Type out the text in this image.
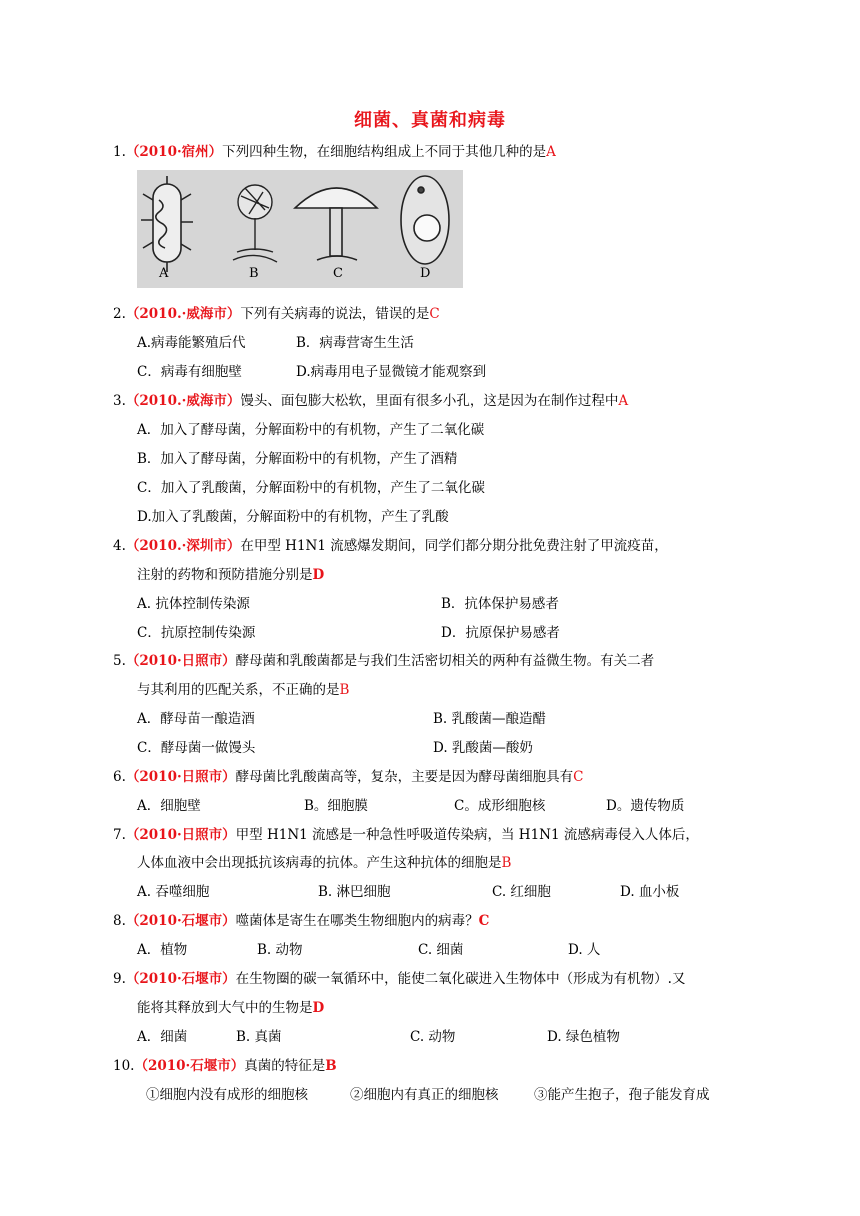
细菌、真菌和病毒
1.（2010·宿州）下列四种生物，在细胞结构组成上不同于其他几种的是A
A	B	C	D
2.（2010.·威海市）下列有关病毒的说法，错误的是C
A.病毒能繁殖后代	B．病毒营寄生生活
C．病毒有细胞壁	D.病毒用电子显微镜才能观察到
3.（2010.·威海市）馒头、面包膨大松软，里面有很多小孔，这是因为在制作过程中A
A．加入了酵母菌，分解面粉中的有机物，产生了二氧化碳
B．加入了酵母菌，分解面粉中的有机物，产生了酒精
C．加入了乳酸菌，分解面粉中的有机物，产生了二氧化碳
D.加入了乳酸菌，分解面粉中的有机物，产生了乳酸
4.（2010.·深圳市）在甲型 H1N1 流感爆发期间，同学们都分期分批免费注射了甲流疫苗，
注射的药物和预防措施分别是D
A. 抗体控制传染源	B．抗体保护易感者
C．抗原控制传染源	D．抗原保护易感者
5.（2010·日照市）酵母菌和乳酸菌都是与我们生活密切相关的两种有益微生物。有关二者
与其利用的匹配关系，不正确的是B
A．酵母苗一酿造酒	B. 乳酸菌—酿造醋
C．酵母菌一做馒头	D. 乳酸菌—酸奶
6.（2010·日照市）酵母菌比乳酸菌高等，复杂，主要是因为酵母菌细胞具有C
A．细胞壁	B。细胞膜	C。成形细胞核	D。遗传物质
7.（2010·日照市）甲型 H1N1 流感是一种急性呼吸道传染病，当 H1N1 流感病毒侵入人体后，
人体血液中会出现抵抗该病毒的抗体。产生这种抗体的细胞是B
A. 吞噬细胞	B. 淋巴细胞	C. 红细胞	D. 血小板
8.（2010·石堰市）噬菌体是寄生在哪类生物细胞内的病毒？C
A．植物	B. 动物	C. 细菌	D. 人
9.（2010·石堰市）在生物圈的碳一氧循环中，能使二氧化碳进入生物体中（形成为有机物）.又
能将其释放到大气中的生物是D
A．细菌	B. 真菌	C. 动物	D. 绿色植物
10.（2010·石堰市）真菌的特征是B
①细胞内没有成形的细胞核	②细胞内有真正的细胞核	③能产生抱子，孢子能发育成
